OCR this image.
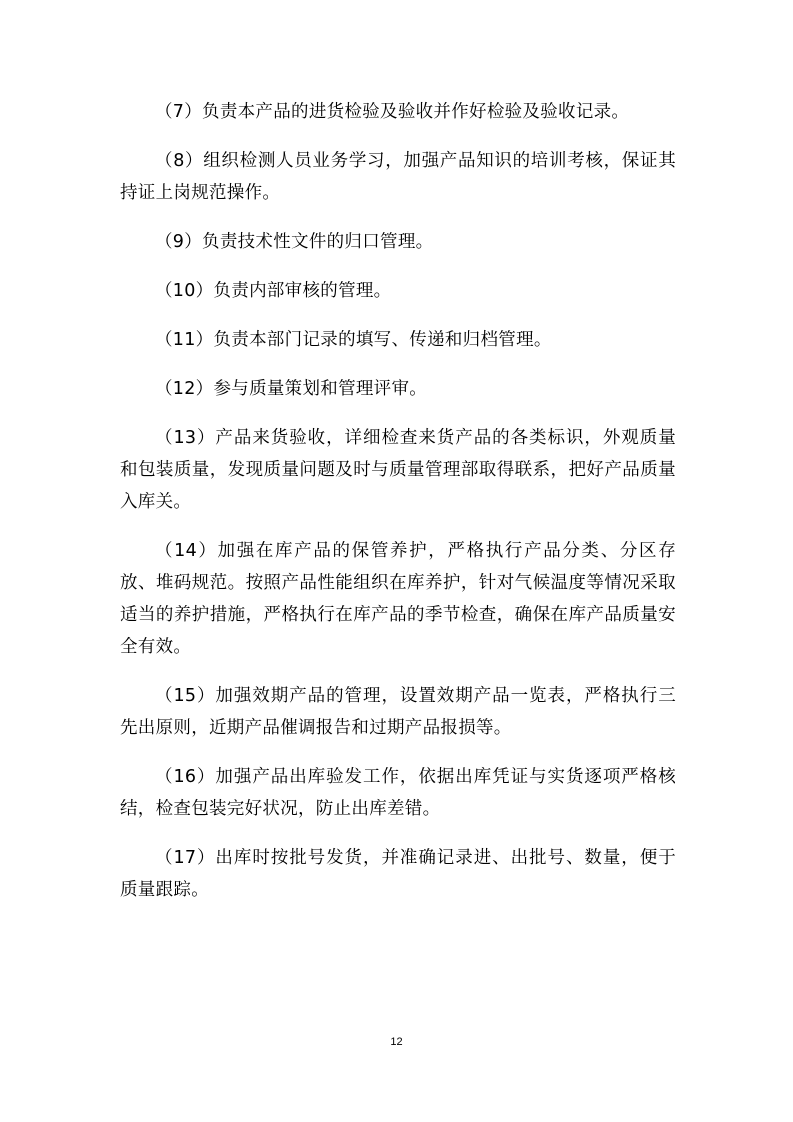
（7）负责本产品的进货检验及验收并作好检验及验收记录。

（8）组织检测人员业务学习，加强产品知识的培训考核，保证其持证上岗规范操作。

（9）负责技术性文件的归口管理。

（10）负责内部审核的管理。

（11）负责本部门记录的填写、传递和归档管理。

（12）参与质量策划和管理评审。

（13）产品来货验收，详细检查来货产品的各类标识，外观质量和包装质量，发现质量问题及时与质量管理部取得联系，把好产品质量入库关。

（14）加强在库产品的保管养护，严格执行产品分类、分区存放、堆码规范。按照产品性能组织在库养护，针对气候温度等情况采取适当的养护措施，严格执行在库产品的季节检查，确保在库产品质量安全有效。

（15）加强效期产品的管理，设置效期产品一览表，严格执行三先出原则，近期产品催调报告和过期产品报损等。

（16）加强产品出库验发工作，依据出库凭证与实货逐项严格核结，检查包装完好状况，防止出库差错。

（17）出库时按批号发货，并准确记录进、出批号、数量，便于质量跟踪。

12
